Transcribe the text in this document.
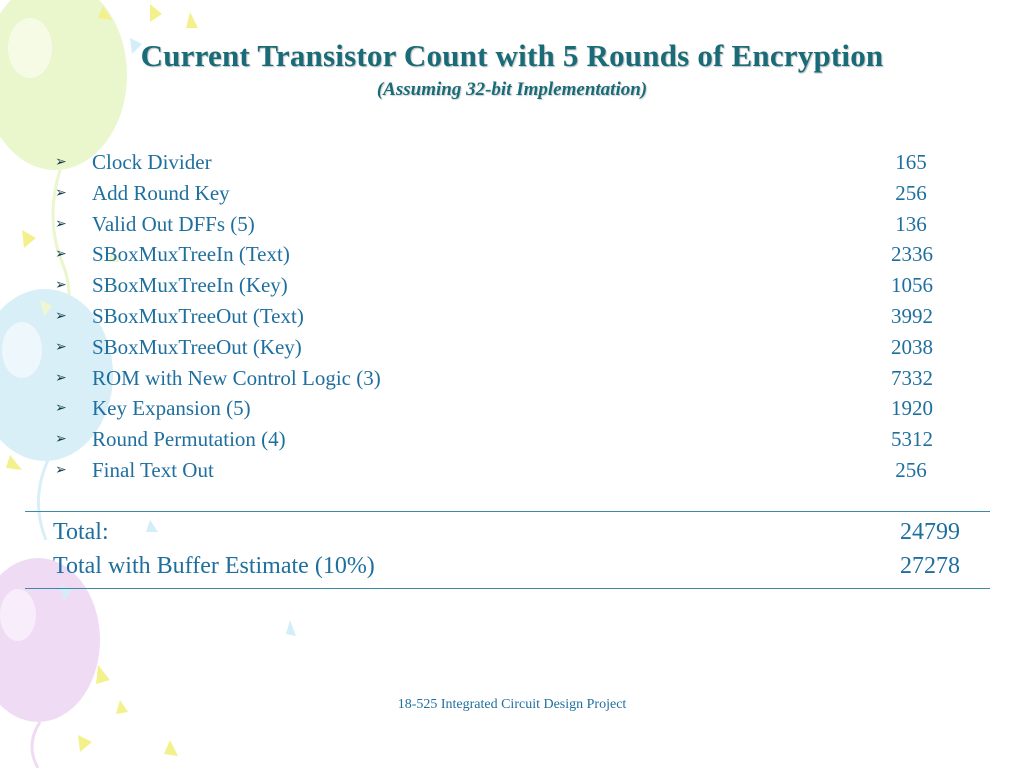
Current Transistor Count with 5 Rounds of Encryption
(Assuming 32-bit Implementation)
➢	Clock Divider	165
➢	Add Round Key	256
➢	Valid Out DFFs (5)	136
➢	SBoxMuxTreeIn (Text)	2336
➢	SBoxMuxTreeIn (Key)	1056
➢	SBoxMuxTreeOut (Text)	3992
➢	SBoxMuxTreeOut (Key)	2038
➢	ROM with New Control Logic (3)	7332
➢	Key Expansion (5)	1920
➢	Round Permutation (4)	5312
➢	Final Text Out	256
Total:	24799
Total with Buffer Estimate (10%)	27278
18-525 Integrated Circuit Design Project
